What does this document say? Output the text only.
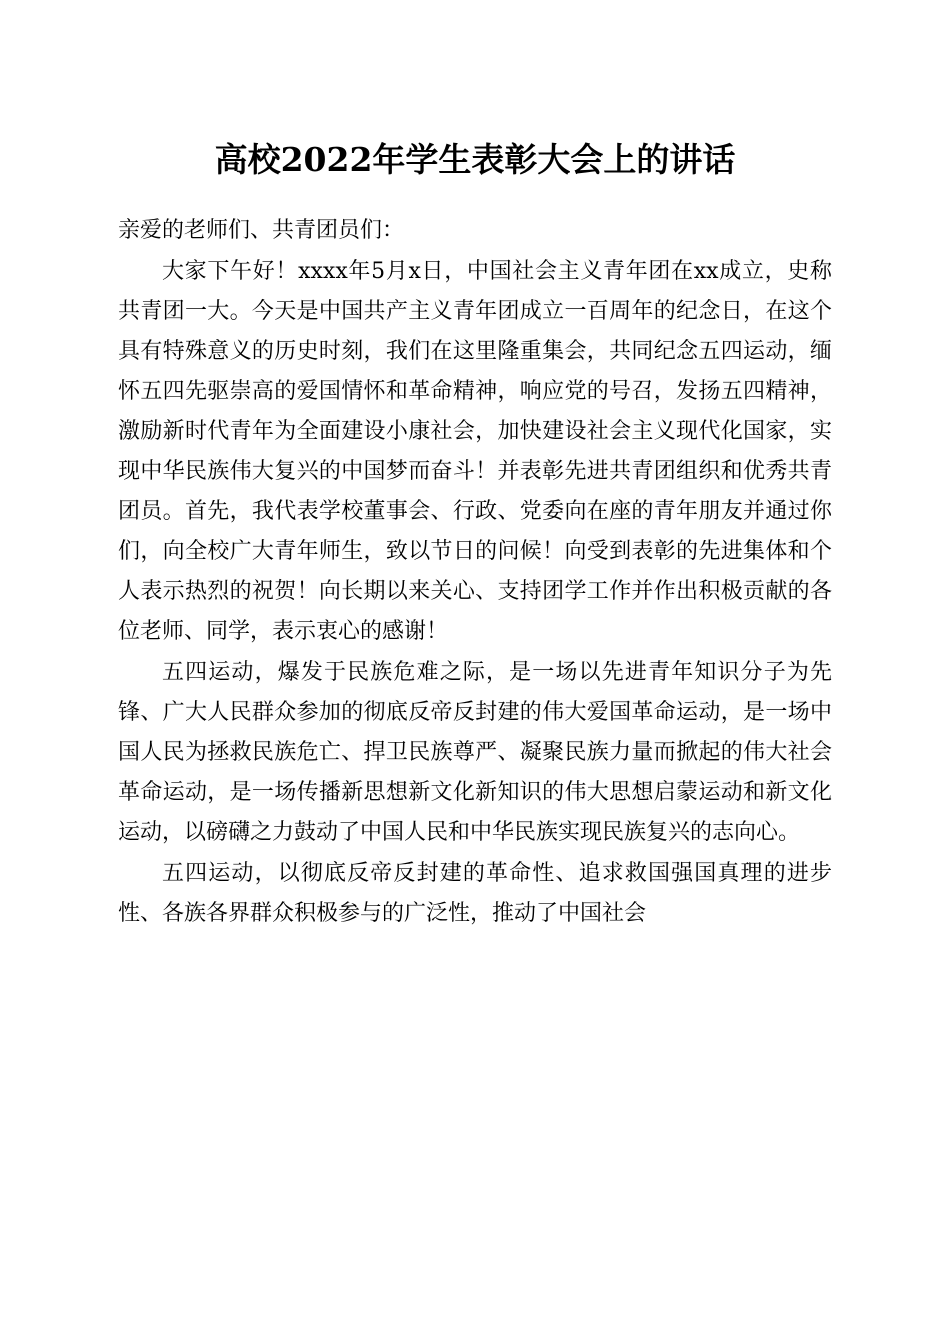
高校2022年学生表彰大会上的讲话

亲爱的老师们、共青团员们：

大家下午好！xxxx年5月x日，中国社会主义青年团在xx成立，史称共青团一大。今天是中国共产主义青年团成立一百周年的纪念日，在这个具有特殊意义的历史时刻，我们在这里隆重集会，共同纪念五四运动，缅怀五四先驱崇高的爱国情怀和革命精神，响应党的号召，发扬五四精神，激励新时代青年为全面建设小康社会，加快建设社会主义现代化国家，实现中华民族伟大复兴的中国梦而奋斗！并表彰先进共青团组织和优秀共青团员。首先，我代表学校董事会、行政、党委向在座的青年朋友并通过你们，向全校广大青年师生，致以节日的问候！向受到表彰的先进集体和个人表示热烈的祝贺！向长期以来关心、支持团学工作并作出积极贡献的各位老师、同学，表示衷心的感谢！

五四运动，爆发于民族危难之际，是一场以先进青年知识分子为先锋、广大人民群众参加的彻底反帝反封建的伟大爱国革命运动，是一场中国人民为拯救民族危亡、捍卫民族尊严、凝聚民族力量而掀起的伟大社会革命运动，是一场传播新思想新文化新知识的伟大思想启蒙运动和新文化运动，以磅礴之力鼓动了中国人民和中华民族实现民族复兴的志向心。

五四运动，以彻底反帝反封建的革命性、追求救国强国真理的进步性、各族各界群众积极参与的广泛性，推动了中国社会
